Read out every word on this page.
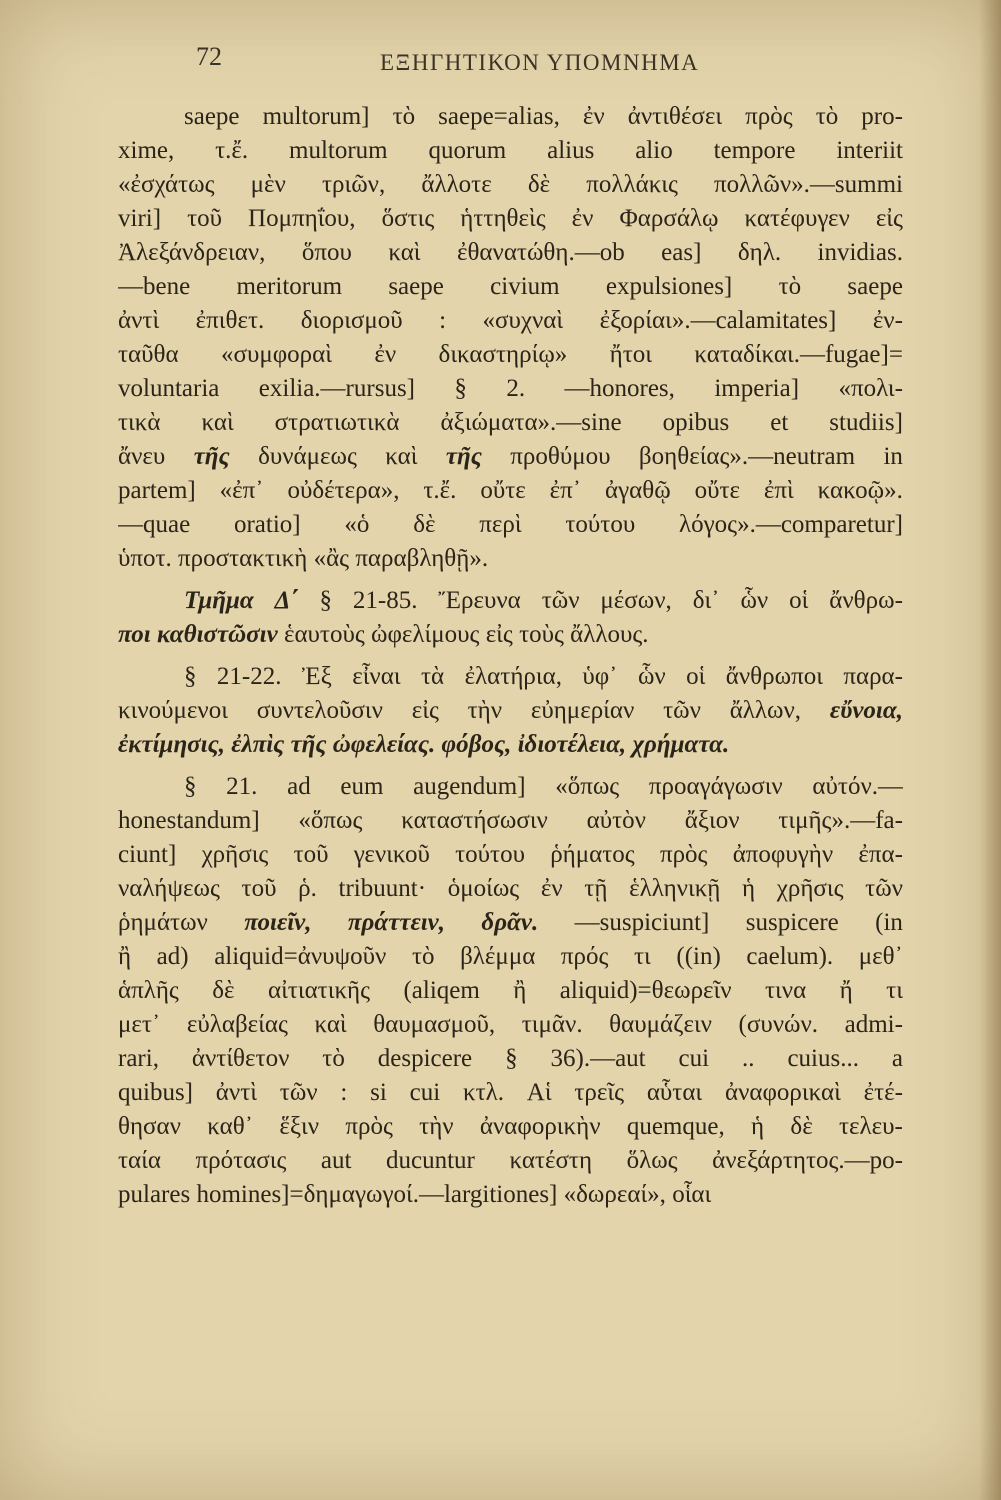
72	ΕΞΗΓΗΤΙΚΟΝ ΥΠΟΜΝΗΜΑ
saepe multorum] τὸ saepe=alias, ἐν ἀντιθέσει πρὸς τὸ pro-
xime, τ.ἔ. multorum quorum alius alio tempore interiit
«ἐσχάτως μὲν τριῶν, ἄλλοτε δὲ πολλάκις πολλῶν».—summi
viri] τοῦ Πομπηΐου, ὅστις ἡττηθεὶς ἐν Φαρσάλῳ κατέφυγεν εἰς
Ἀλεξάνδρειαν, ὅπου καὶ ἐθανατώθη.—ob eas] δηλ. invidias.
—bene meritorum saepe civium expulsiones] τὸ saepe
ἀντὶ ἐπιθετ. διορισμοῦ : «συχναὶ ἐξορίαι».—calamitates] ἐν-
ταῦθα «συμφοραὶ ἐν δικαστηρίῳ» ἤτοι καταδίκαι.—fugae]=
voluntaria exilia.—rursus] § 2. —honores, imperia] «πολι-
τικὰ καὶ στρατιωτικὰ ἀξιώματα».—sine opibus et studiis]
ἄνευ τῆς δυνάμεως καὶ τῆς προθύμου βοηθείας».—neutram in
partem] «ἐπ᾽ οὐδέτερα», τ.ἔ. οὔτε ἐπ᾽ ἀγαθῷ οὔτε ἐπὶ κακοῷ».
—quae oratio] «ὁ δὲ περὶ τούτου λόγος».—comparetur]
ὑποτ.
προστακτικὴ
«ἂς
παραβληθῇ».
Τμῆμα Δ΄ § 21-85. Ἔρευνα τῶν μέσων, δι᾽ ὧν οἱ ἄνθρω-
ποι
καθιστῶσιν
ἑαυτοὺς
ὠφελίμους
εἰς
τοὺς
ἄλλους.
§ 21-22. Ἐξ εἶναι τὰ ἐλατήρια, ὑφ᾽ ὧν οἱ ἄνθρωποι παρα-
κινούμενοι συντελοῦσιν εἰς τὴν εὐημερίαν τῶν ἄλλων, εὔνοια,
ἐκτίμησις,
ἐλπὶς
τῆς
ὠφελείας.
φόβος,
ἰδιοτέλεια,
χρήματα.
§ 21. ad eum augendum] «ὅπως προαγάγωσιν αὐτόν.—
honestandum] «ὅπως καταστήσωσιν αὐτὸν ἄξιον τιμῆς».—fa-
ciunt] χρῆσις τοῦ γενικοῦ τούτου ῥήματος πρὸς ἀποφυγὴν ἐπα-
ναλήψεως τοῦ ῥ. tribuunt· ὁμοίως ἐν τῇ ἑλληνικῇ ἡ χρῆσις τῶν
ῥημάτων ποιεῖν, πράττειν, δρᾶν. —suspiciunt] suspicere (in
ἢ ad) aliquid=ἀνυψοῦν τὸ βλέμμα πρός τι ((in) caelum). μεθ᾽
ἁπλῆς δὲ αἰτιατικῆς (aliqem ἢ aliquid)=θεωρεῖν τινα ἤ τι
μετ᾽ εὐλαβείας καὶ θαυμασμοῦ, τιμᾶν. θαυμάζειν (συνών. admi-
rari, ἀντίθετον τὸ despicere § 36).—aut cui .. cuius... a
quibus] ἀντὶ τῶν : si cui κτλ. Αἱ τρεῖς αὗται ἀναφορικαὶ ἐτέ-
θησαν καθ᾽ ἕξιν πρὸς τὴν ἀναφορικὴν quemque, ἡ δὲ τελευ-
ταία πρότασις aut ducuntur κατέστη ὅλως ἀνεξάρτητος.—po-
pulares
homines]=δημαγωγοί.—largitiones]
«δωρεαί»,
οἷαι
